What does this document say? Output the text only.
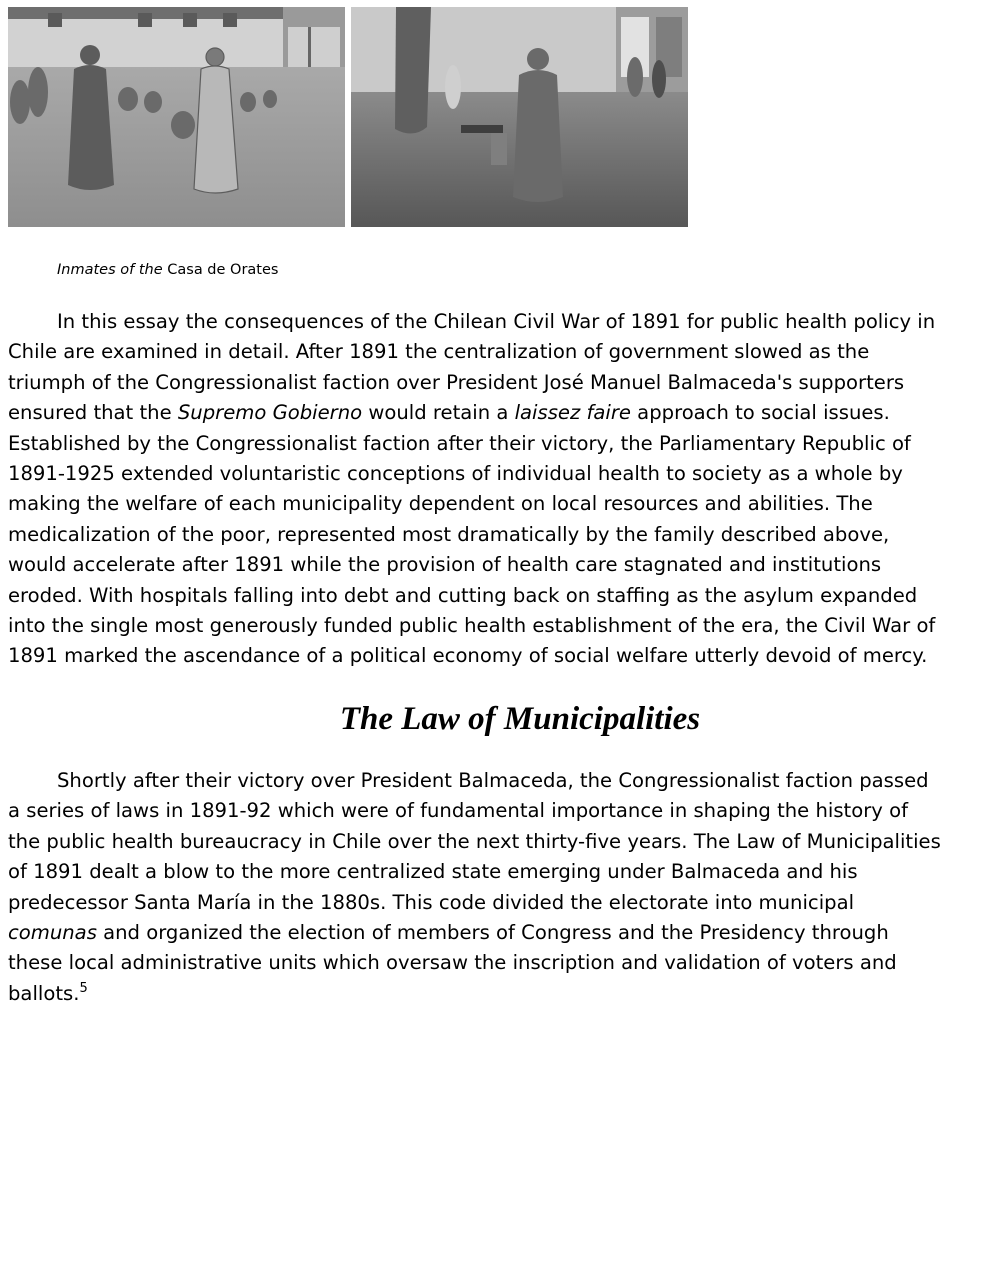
Inmates of the Casa de Orates

In this essay the consequences of the Chilean Civil War of 1891 for public health policy in
Chile are examined in detail. After 1891 the centralization of government slowed as the
triumph of the Congressionalist faction over President José Manuel Balmaceda's supporters
ensured that the Supremo Gobierno would retain a laissez faire approach to social issues.
Established by the Congressionalist faction after their victory, the Parliamentary Republic of
1891-1925 extended voluntaristic conceptions of individual health to society as a whole by
making the welfare of each municipality dependent on local resources and abilities. The
medicalization of the poor, represented most dramatically by the family described above,
would accelerate after 1891 while the provision of health care stagnated and institutions
eroded. With hospitals falling into debt and cutting back on staffing as the asylum expanded
into the single most generously funded public health establishment of the era, the Civil War of
1891 marked the ascendance of a political economy of social welfare utterly devoid of mercy.

The Law of Municipalities

Shortly after their victory over President Balmaceda, the Congressionalist faction passed
a series of laws in 1891-92 which were of fundamental importance in shaping the history of
the public health bureaucracy in Chile over the next thirty-five years. The Law of Municipalities
of 1891 dealt a blow to the more centralized state emerging under Balmaceda and his
predecessor Santa María in the 1880s. This code divided the electorate into municipal
comunas and organized the election of members of Congress and the Presidency through
these local administrative units which oversaw the inscription and validation of voters and
ballots.$^5$
